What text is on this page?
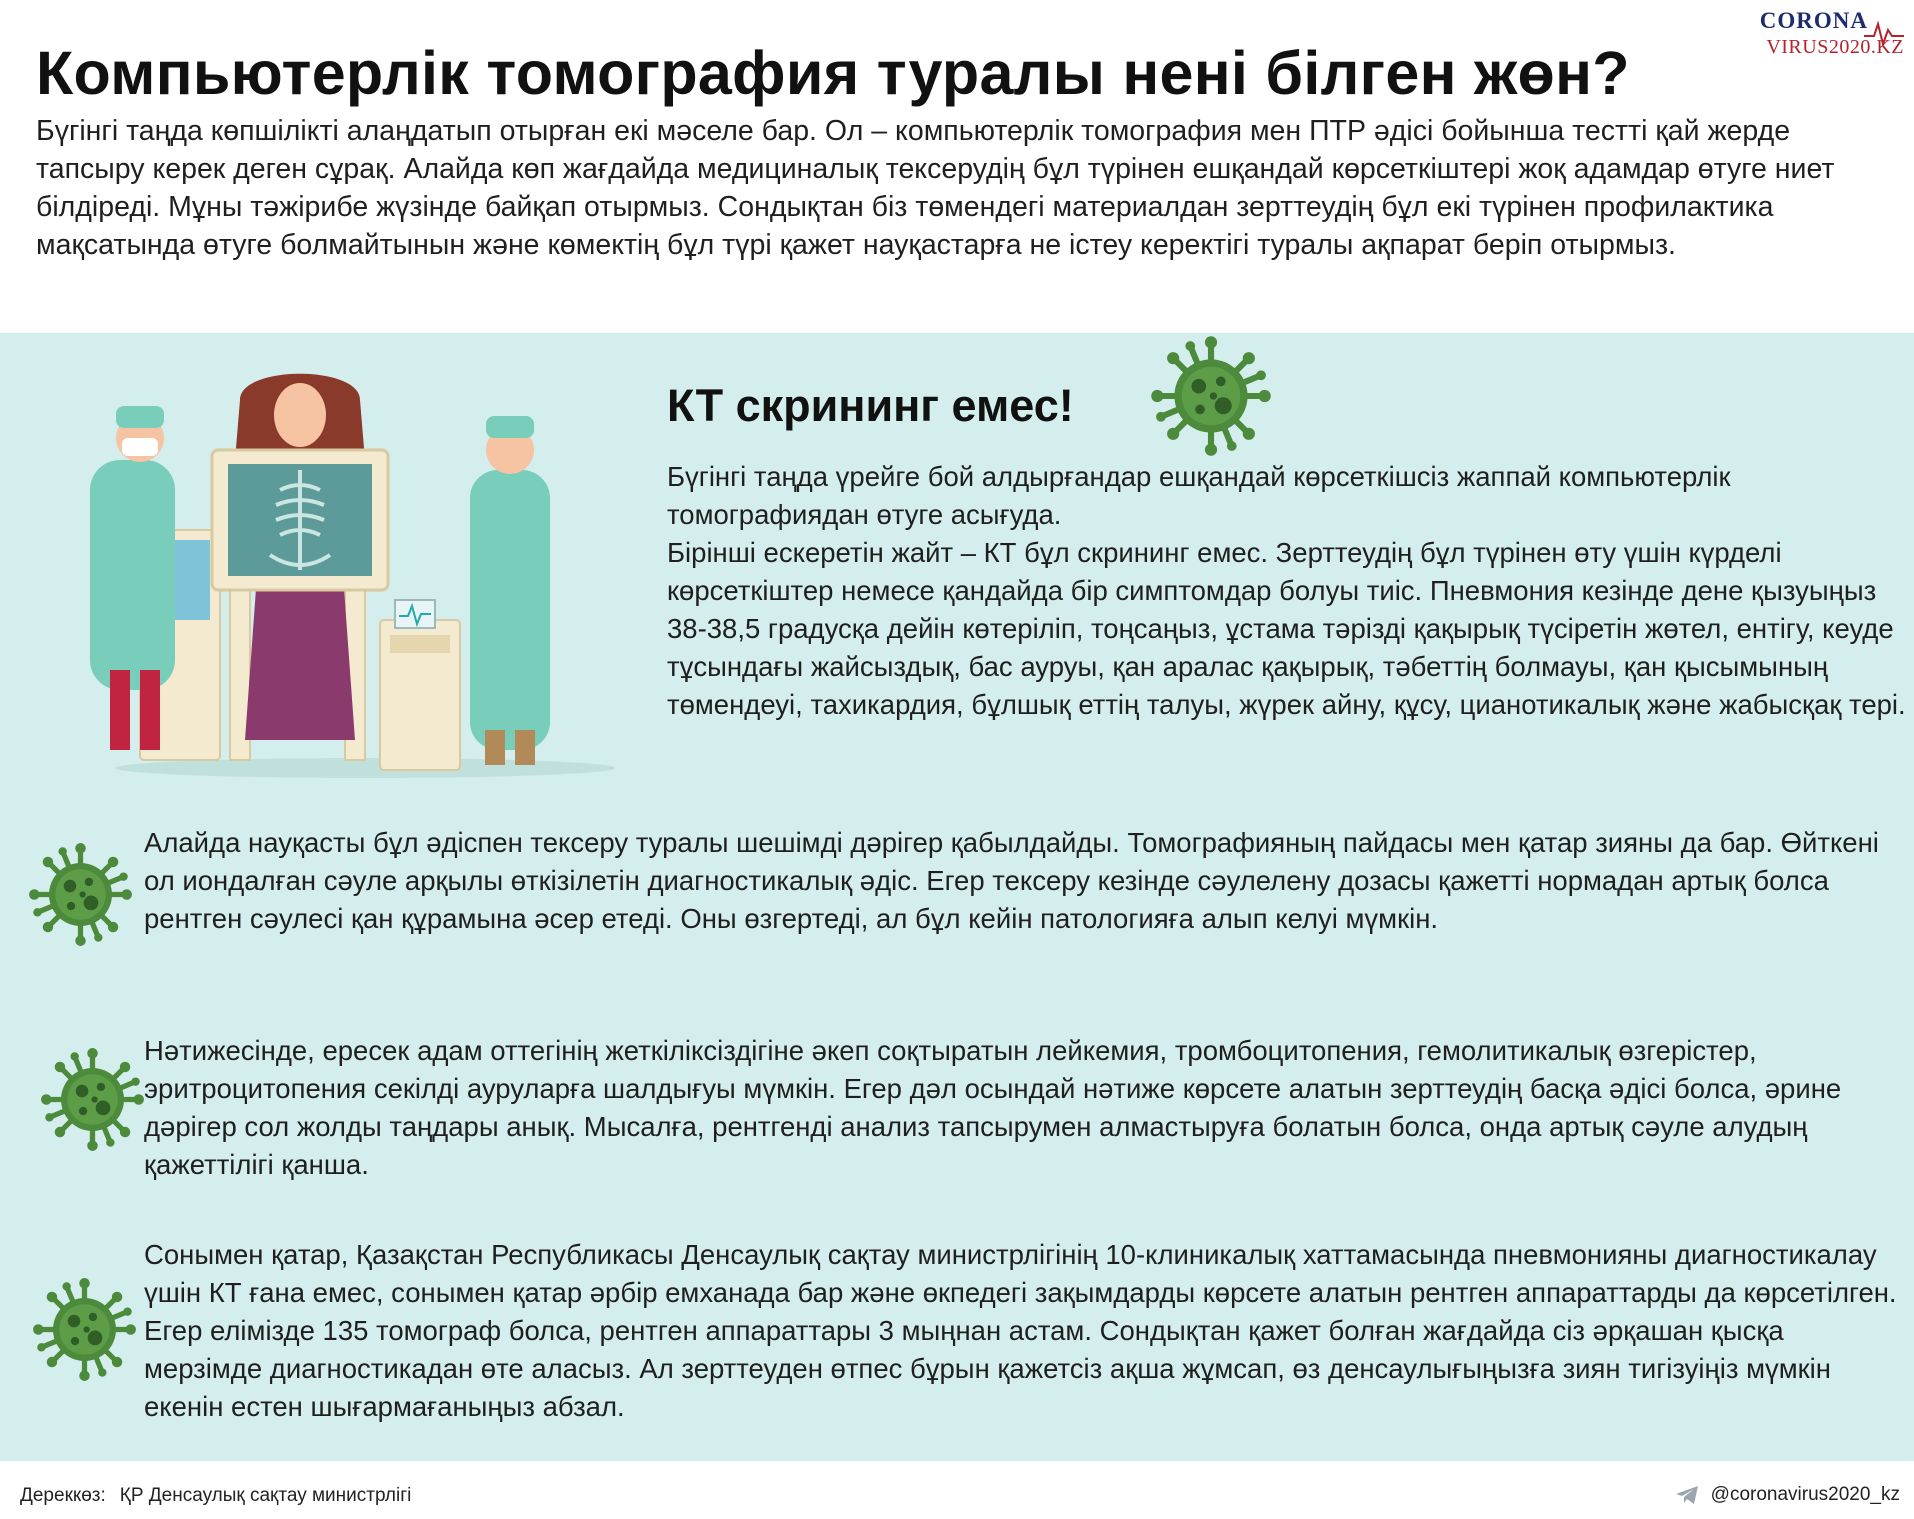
CORONA
VIRUS2020.KZ
Компьютерлік томография туралы нені білген жөн?

Бүгінгі таңда көпшілікті алаңдатып отырған екі мәселе бар. Ол – компьютерлік томография мен ПТР әдісі бойынша тестті қай жерде тапсыру керек деген сұрақ. Алайда көп жағдайда медициналық тексерудің бұл түрінен ешқандай көрсеткіштері жоқ адамдар өтуге ниет білдіреді. Мұны тәжірибе жүзінде байқап отырмыз. Сондықтан біз төмендегі материалдан зерттеудің бұл екі түрінен профилактика мақсатында өтуге болмайтынын және көмектің бұл түрі қажет науқастарға не істеу керектігі туралы ақпарат беріп отырмыз.

КТ скрининг емес!
Бүгінгі таңда үрейге бой алдырғандар ешқандай көрсеткішсіз жаппай компьютерлік томографиядан өтуге асығуда.
Бірінші ескеретін жайт – КТ бұл скрининг емес. Зерттеудің бұл түрінен өту үшін күрделі көрсеткіштер немесе қандайда бір симптомдар болуы тиіс. Пневмония кезінде дене қызуыңыз 38-38,5 градусқа дейін көтеріліп, тоңсаңыз, ұстама тәрізді қақырық түсіретін жөтел, ентігу, кеуде тұсындағы жайсыздық, бас ауруы, қан аралас қақырық, тәбеттің болмауы, қан қысымының төмендеуі, тахикардия, бұлшық еттің талуы, жүрек айну, құсу, цианотикалық және жабысқақ тері.

Алайда науқасты бұл әдіспен тексеру туралы шешімді дәрігер қабылдайды. Томографияның пайдасы мен қатар зияны да бар. Өйткені ол иондалған сәуле арқылы өткізілетін диагностикалық әдіс. Егер тексеру кезінде сәулелену дозасы қажетті нормадан артық болса рентген сәулесі қан құрамына әсер етеді. Оны өзгертеді, ал бұл кейін патологияға алып келуі мүмкін.

Нәтижесінде, ересек адам оттегінің жеткіліксіздігіне әкеп соқтыратын лейкемия, тромбоцитопения, гемолитикалық өзгерістер, эритроцитопения секілді ауруларға шалдығуы мүмкін. Егер дәл осындай нәтиже көрсете алатын зерттеудің басқа әдісі болса, әрине дәрігер сол жолды таңдары анық. Мысалға, рентгенді анализ тапсырумен алмастыруға болатын болса, онда артық сәуле алудың қажеттілігі қанша.

Сонымен қатар, Қазақстан Республикасы Денсаулық сақтау министрлігінің 10-клиникалық хаттамасында пневмонияны диагностикалау үшін КТ ғана емес, сонымен қатар әрбір емханада бар және өкпедегі зақымдарды көрсете алатын рентген аппараттарды да көрсетілген. Егер елімізде 135 томограф болса, рентген аппараттары 3 мыңнан астам. Сондықтан қажет болған жағдайда сіз әрқашан қысқа мерзімде диагностикадан өте аласыз. Ал зерттеуден өтпес бұрын қажетсіз ақша жұмсап, өз денсаулығыңызға зиян тигізуіңіз мүмкін екенін естен шығармағаныңыз абзал.

Дереккөз: ҚР Денсаулық сақтау министрлігі	@coronavirus2020_kz
